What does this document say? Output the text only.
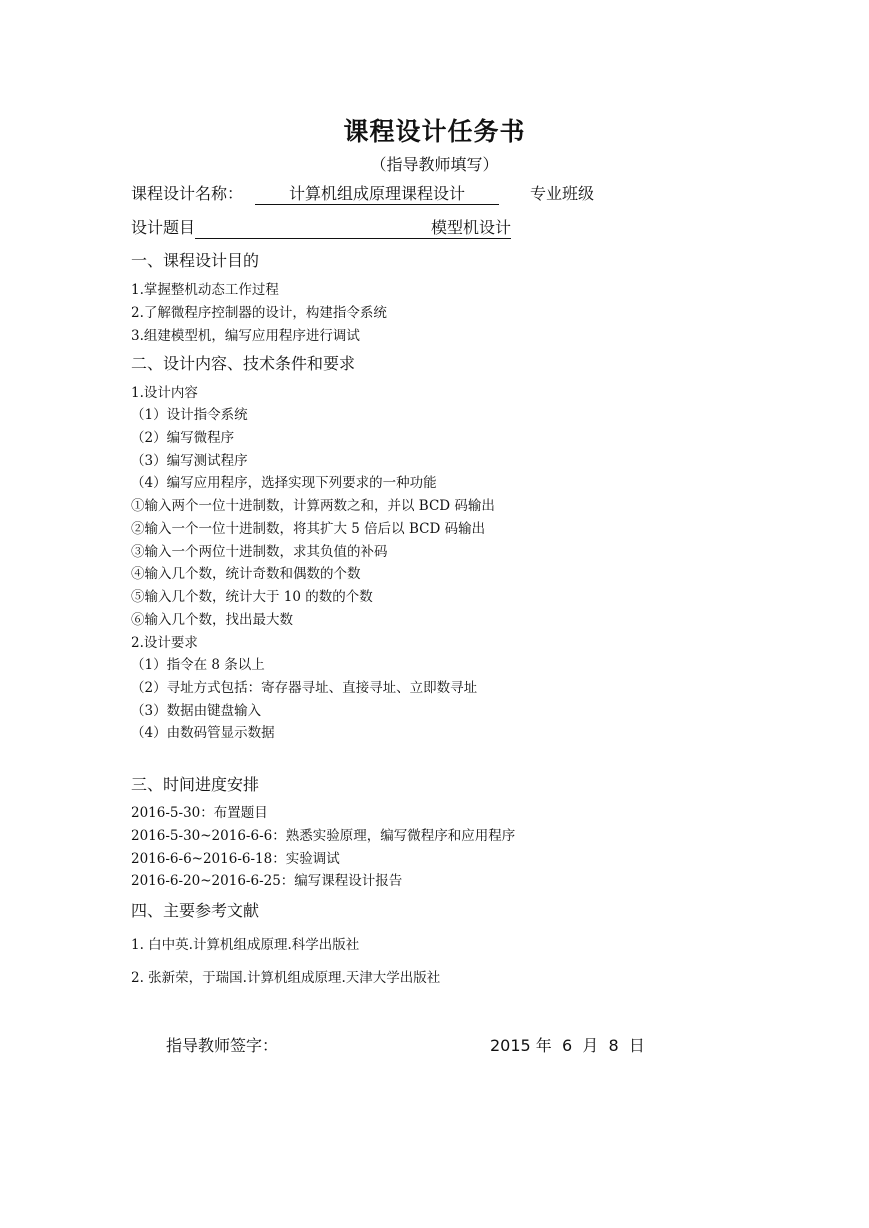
课程设计任务书
（指导教师填写）
课程设计名称：	计算机组成原理课程设计	专业班级
设计题目	模型机设计
一、课程设计目的
1.掌握整机动态工作过程
2.了解微程序控制器的设计，构建指令系统
3.组建模型机，编写应用程序进行调试
二、设计内容、技术条件和要求
1.设计内容
（1）设计指令系统
（2）编写微程序
（3）编写测试程序
（4）编写应用程序，选择实现下列要求的一种功能
①输入两个一位十进制数，计算两数之和，并以 BCD 码输出
②输入一个一位十进制数，将其扩大 5 倍后以 BCD 码输出
③输入一个两位十进制数，求其负值的补码
④输入几个数，统计奇数和偶数的个数
⑤输入几个数，统计大于 10 的数的个数
⑥输入几个数，找出最大数
2.设计要求
（1）指令在 8 条以上
（2）寻址方式包括：寄存器寻址、直接寻址、立即数寻址
（3）数据由键盘输入
（4）由数码管显示数据
三、时间进度安排
2016-5-30：布置题目
2016-5-30~2016-6-6：熟悉实验原理，编写微程序和应用程序
2016-6-6~2016-6-18：实验调试
2016-6-20~2016-6-25：编写课程设计报告
四、主要参考文献
1. 白中英.计算机组成原理.科学出版社
2. 张新荣，于瑞国.计算机组成原理.天津大学出版社
指导教师签字：	2015 年  6  月  8  日
